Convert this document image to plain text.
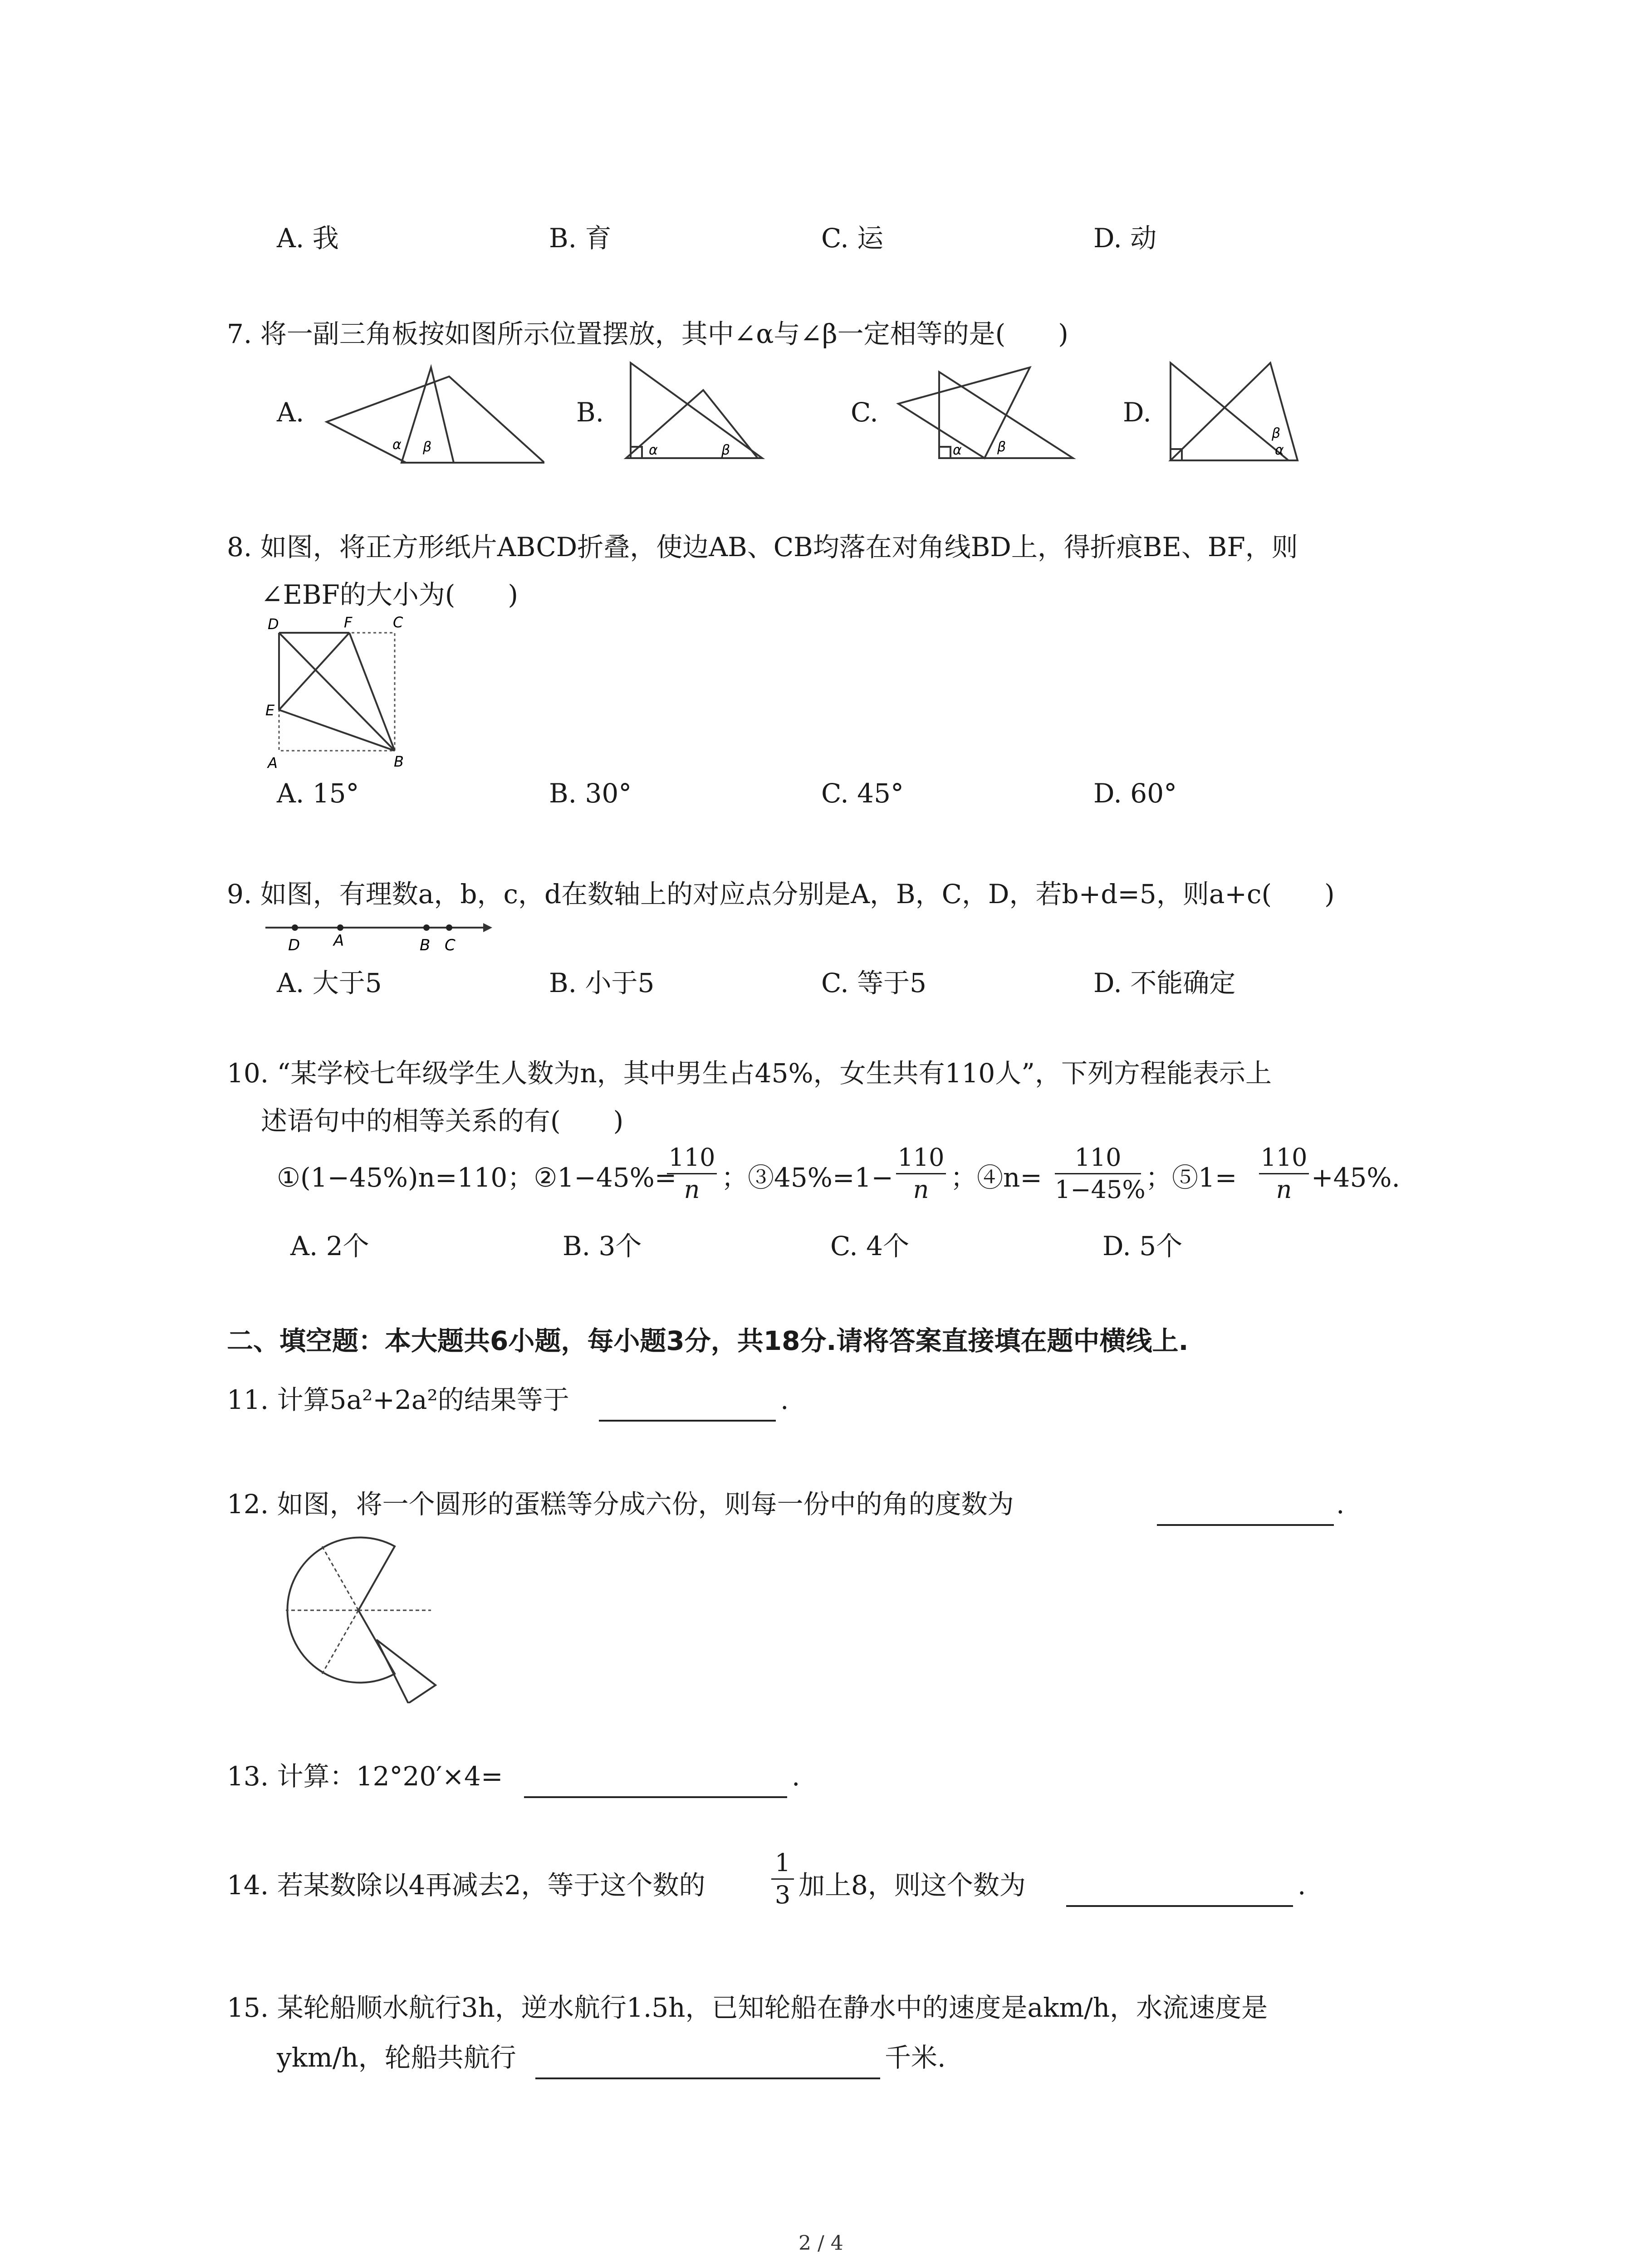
A. 我	B. 育	C. 运	D. 动
7. 将一副三角板按如图所示位置摆放，其中∠α与∠β一定相等的是(　　)
A.	B.	C.	D.
α β	α	β	α	β
β
α
8. 如图，将正方形纸片ABCD折叠，使边AB、CB均落在对角线BD上，得折痕BE、BF，则
∠EBF的大小为(　　)
D	F	C
E
A	B
A. 15°	B. 30°	C. 45°	D. 60°
9. 如图，有理数a，b，c，d在数轴上的对应点分别是A，B，C，D，若b+d=5，则a+c(　　)
D A	B C
A. 大于5	B. 小于5	C. 等于5	D. 不能确定
10. “某学校七年级学生人数为n，其中男生占45%，女生共有110人”，下列方程能表示上
述语句中的相等关系的有(　　)
①(1−45%)n=110；②1−45%=
110
n ；③45%=1−
110
n ；④n=
110
1−45% ；⑤1=
110
n +45%.
A. 2个	B. 3个	C. 4个	D. 5个
二、填空题：本大题共6小题，每小题3分，共18分.请将答案直接填在题中横线上.
11. 计算5a²+2a²的结果等于	.
12. 如图，将一个圆形的蛋糕等分成六份，则每一份中的角的度数为	.
13. 计算：12°20′×4=	.
14. 若某数除以4再减去2，等于这个数的
1
3 加上8，则这个数为	.
15. 某轮船顺水航行3h，逆水航行1.5h，已知轮船在静水中的速度是akm/h，水流速度是
ykm/h，轮船共航行	千米.
2 / 4
